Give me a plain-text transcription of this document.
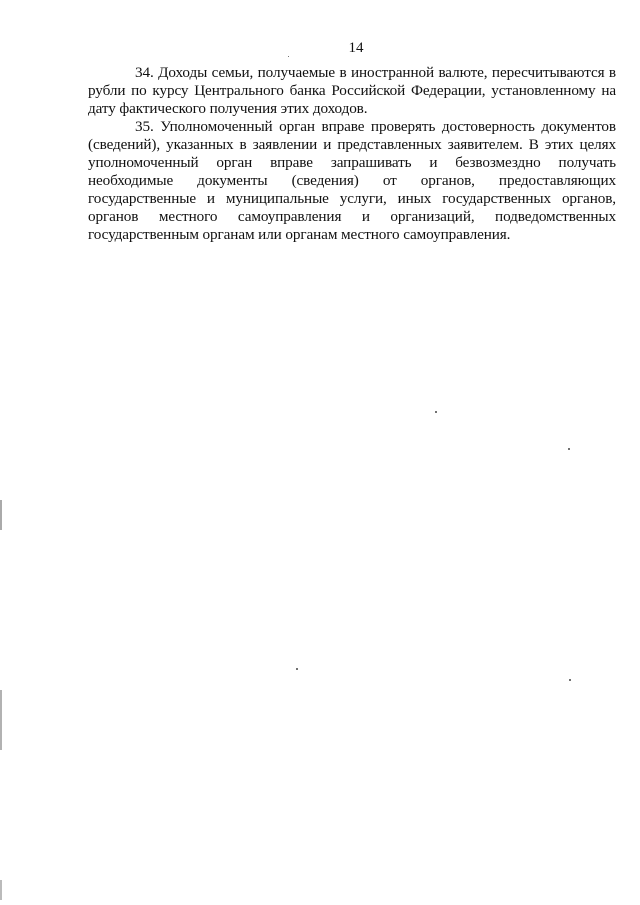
14

34. Доходы семьи, получаемые в иностранной валюте, пересчитываются в рубли по курсу Центрального банка Российской Федерации, установленному на дату фактического получения этих доходов.

35. Уполномоченный орган вправе проверять достоверность документов (сведений), указанных в заявлении и представленных заявителем. В этих целях уполномоченный орган вправе запрашивать и безвозмездно получать необходимые документы (сведения) от органов, предоставляющих государственные и муниципальные услуги, иных государственных органов, органов местного самоуправления и организаций, подведомственных государственным органам или органам местного самоуправления.
